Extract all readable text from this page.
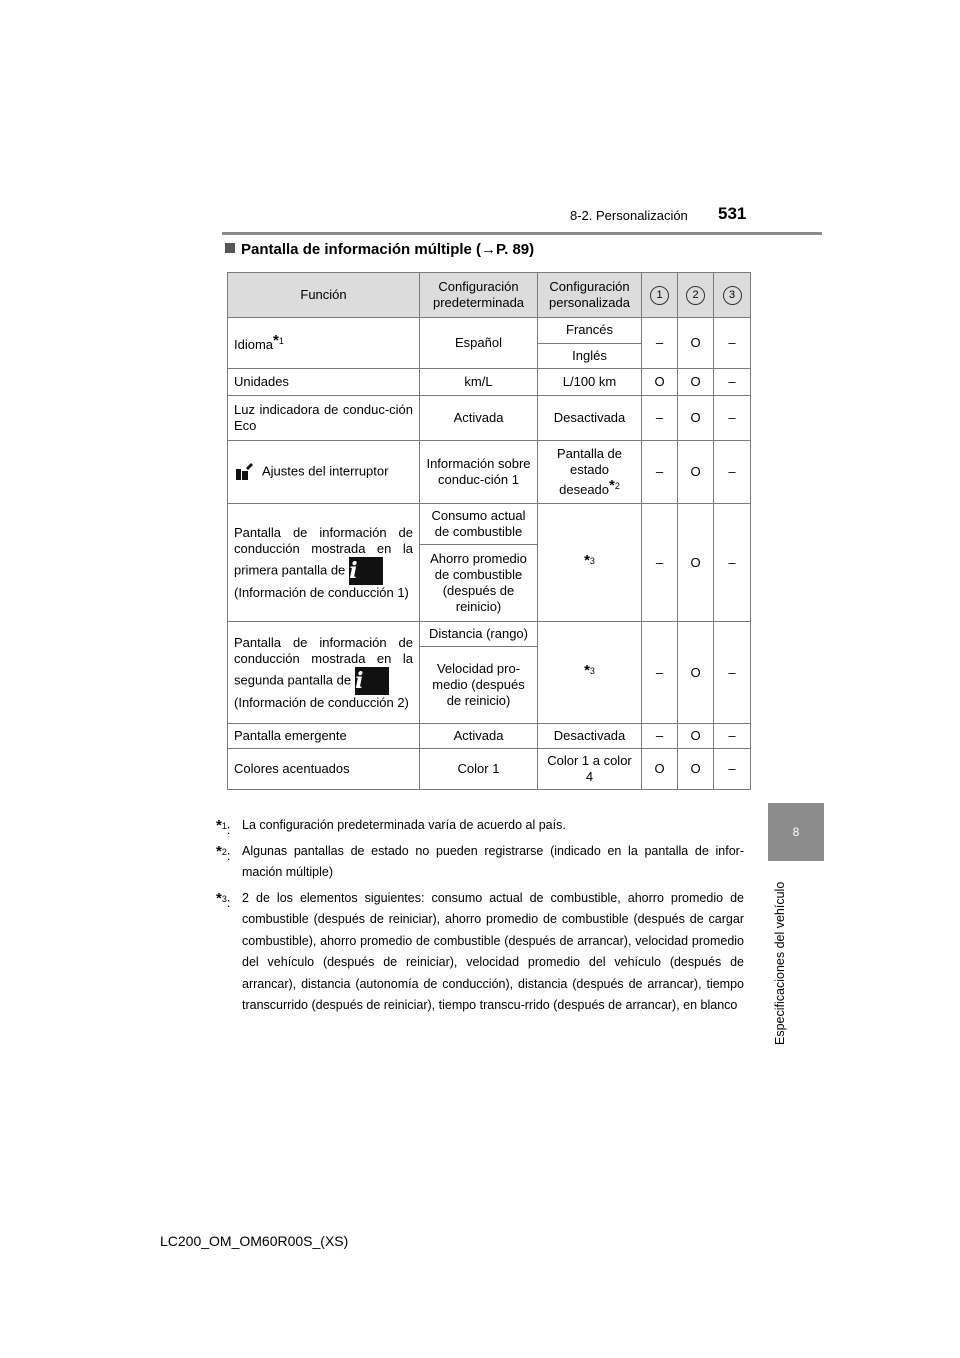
8-2. Personalización 531
8
Especificaciones del vehículo
Pantalla de información múltiple (→P. 89)
Función	Configuración predeterminada	Configuración personalizada	1	2	3
Idioma*$^1$	Español	Francés	–	O	–
		Inglés			
Unidades	km/L	L/100 km	O	O	–
Luz indicadora de conduc-ción Eco	Activada	Desactivada	–	O	–
Ajustes del interruptor	Información sobre conduc-ción 1	Pantalla de estado deseado*$^2$	–	O	–
Pantalla de información de conducción mostrada en la primera pantalla de i
(Información de conducción 1)	Consumo actual de combustible	*$^3$	–	O	–
	Ahorro promedio de combustible (después de reinicio)				
Pantalla de información de conducción mostrada en la segunda pantalla de i
(Información de conducción 2)	Distancia (rango)	*$^3$	–	O	–
	Velocidad pro-medio (después de reinicio)				
Pantalla emergente	Activada	Desactivada	–	O	–
Colores acentuados	Color 1	Color 1 a color 4	O	O	–
*$^1$: La configuración predeterminada varía de acuerdo al país.
*$^2$: Algunas pantallas de estado no pueden registrarse (indicado en la pantalla de infor-mación múltiple)
*$^3$: 2 de los elementos siguientes: consumo actual de combustible, ahorro promedio de combustible (después de reiniciar), ahorro promedio de combustible (después de cargar combustible), ahorro promedio de combustible (después de arrancar), velocidad promedio del vehículo (después de reiniciar), velocidad promedio del vehículo (después de arrancar), distancia (autonomía de conducción), distancia (después de arrancar), tiempo transcurrido (después de reiniciar), tiempo transcu-rrido (después de arrancar), en blanco
LC200_OM_OM60R00S_(XS)
